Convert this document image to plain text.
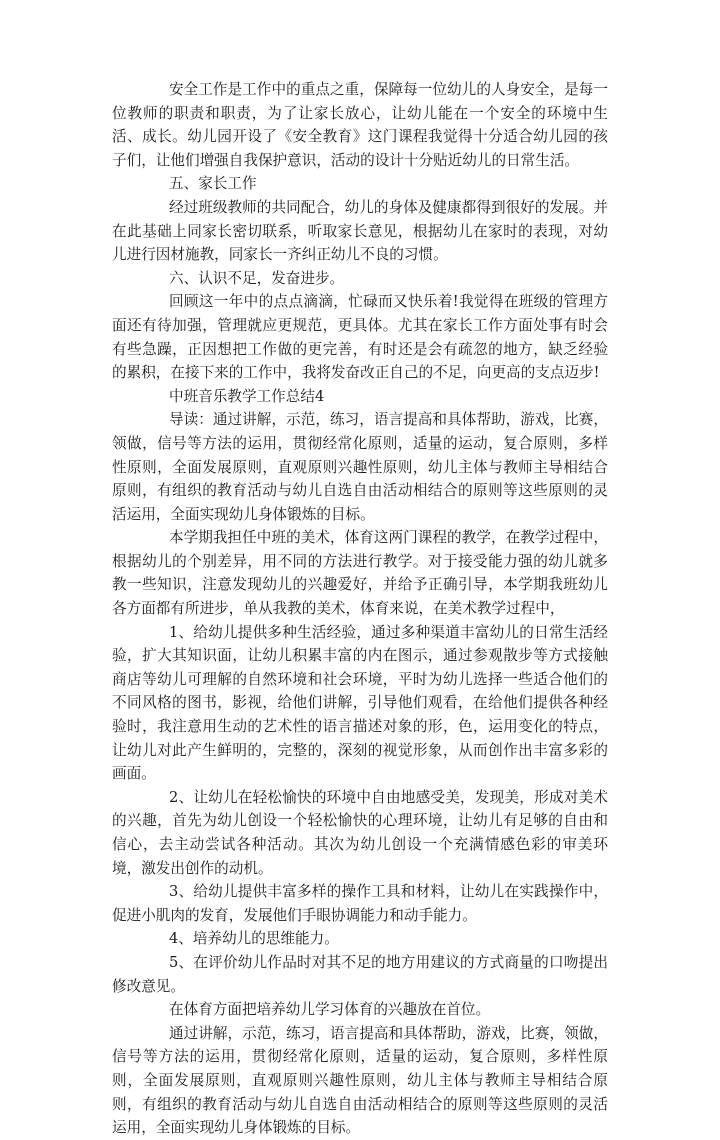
安全工作是工作中的重点之重，保障每一位幼儿的人身安全，是每一位教师的职责和职责，为了让家长放心，让幼儿能在一个安全的环境中生活、成长。幼儿园开设了《安全教育》这门课程我觉得十分适合幼儿园的孩子们，让他们增强自我保护意识，活动的设计十分贴近幼儿的日常生活。

五、家长工作

经过班级教师的共同配合，幼儿的身体及健康都得到很好的发展。并在此基础上同家长密切联系，听取家长意见，根据幼儿在家时的表现，对幼儿进行因材施教，同家长一齐纠正幼儿不良的习惯。

六、认识不足，发奋进步。

回顾这一年中的点点滴滴，忙碌而又快乐着!我觉得在班级的管理方面还有待加强，管理就应更规范，更具体。尤其在家长工作方面处事有时会有些急躁，正因想把工作做的更完善，有时还是会有疏忽的地方，缺乏经验的累积，在接下来的工作中，我将发奋改正自己的不足，向更高的支点迈步!

中班音乐教学工作总结4

导读：通过讲解，示范，练习，语言提高和具体帮助，游戏，比赛，领做，信号等方法的运用，贯彻经常化原则，适量的运动，复合原则，多样性原则，全面发展原则，直观原则兴趣性原则，幼儿主体与教师主导相结合原则，有组织的教育活动与幼儿自选自由活动相结合的原则等这些原则的灵活运用，全面实现幼儿身体锻炼的目标。

本学期我担任中班的美术，体育这两门课程的教学，在教学过程中，根据幼儿的个别差异，用不同的方法进行教学。对于接受能力强的幼儿就多教一些知识，注意发现幼儿的兴趣爱好，并给予正确引导，本学期我班幼儿各方面都有所进步，单从我教的美术，体育来说，在美术教学过程中，

1、给幼儿提供多种生活经验，通过多种渠道丰富幼儿的日常生活经验，扩大其知识面，让幼儿积累丰富的内在图示，通过参观散步等方式接触商店等幼儿可理解的自然环境和社会环境，平时为幼儿选择一些适合他们的不同风格的图书，影视，给他们讲解，引导他们观看，在给他们提供各种经验时，我注意用生动的艺术性的语言描述对象的形，色，运用变化的特点，让幼儿对此产生鲜明的，完整的，深刻的视觉形象，从而创作出丰富多彩的画面。

2、让幼儿在轻松愉快的环境中自由地感受美，发现美，形成对美术的兴趣，首先为幼儿创设一个轻松愉快的心理环境，让幼儿有足够的自由和信心，去主动尝试各种活动。其次为幼儿创设一个充满情感色彩的审美环境，激发出创作的动机。

3、给幼儿提供丰富多样的操作工具和材料，让幼儿在实践操作中，促进小肌肉的发育，发展他们手眼协调能力和动手能力。

4、培养幼儿的思维能力。

5、在评价幼儿作品时对其不足的地方用建议的方式商量的口吻提出修改意见。

在体育方面把培养幼儿学习体育的兴趣放在首位。

通过讲解，示范，练习，语言提高和具体帮助，游戏，比赛，领做，信号等方法的运用，贯彻经常化原则，适量的运动，复合原则，多样性原则，全面发展原则，直观原则兴趣性原则，幼儿主体与教师主导相结合原则，有组织的教育活动与幼儿自选自由活动相结合的原则等这些原则的灵活运用，全面实现幼儿身体锻炼的目标。
